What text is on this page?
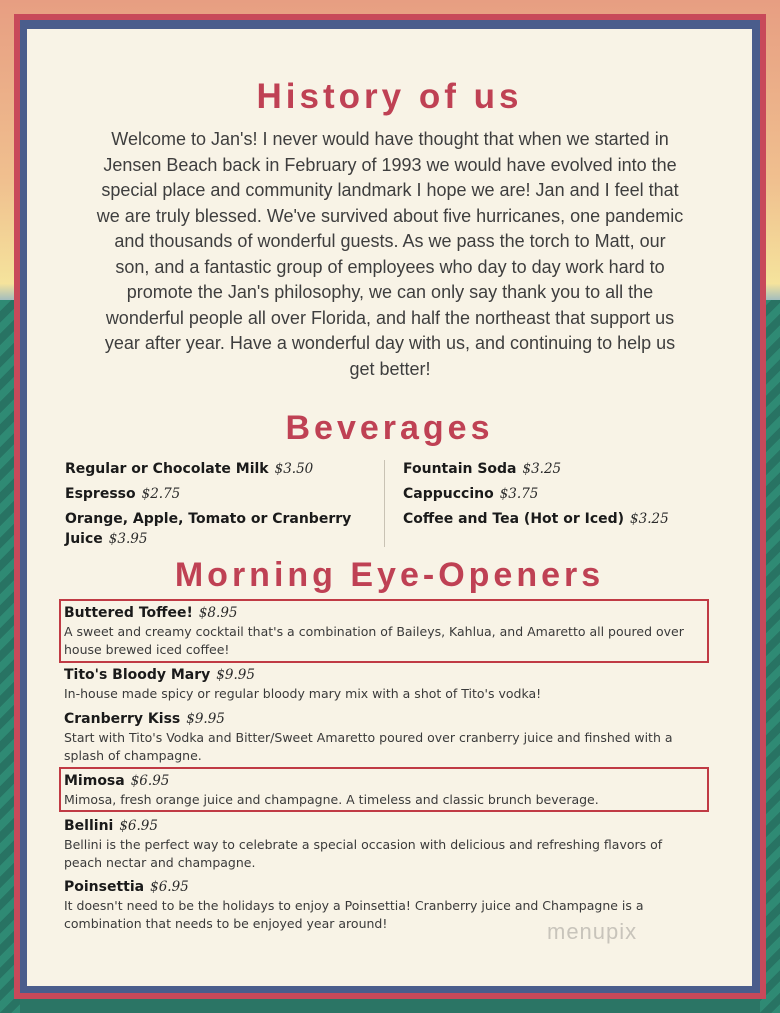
History of us

Welcome to Jan's! I never would have thought that when we started in Jensen Beach back in February of 1993 we would have evolved into the special place and community landmark I hope we are! Jan and I feel that we are truly blessed. We've survived about five hurricanes, one pandemic and thousands of wonderful guests. As we pass the torch to Matt, our son, and a fantastic group of employees who day to day work hard to promote the Jan's philosophy, we can only say thank you to all the wonderful people all over Florida, and half the northeast that support us year after year. Have a wonderful day with us, and continuing to help us get better!

Beverages
Regular or Chocolate Milk $3.50
Espresso $2.75
Orange, Apple, Tomato or Cranberry Juice $3.95
Fountain Soda $3.25
Cappuccino $3.75
Coffee and Tea (Hot or Iced) $3.25
Morning Eye-Openers
Buttered Toffee! $8.95
A sweet and creamy cocktail that's a combination of Baileys, Kahlua, and Amaretto all poured over house brewed iced coffee!
Tito's Bloody Mary $9.95
In-house made spicy or regular bloody mary mix with a shot of Tito's vodka!
Cranberry Kiss $9.95
Start with Tito's Vodka and Bitter/Sweet Amaretto poured over cranberry juice and finshed with a splash of champagne.
Mimosa $6.95
Mimosa, fresh orange juice and champagne. A timeless and classic brunch beverage.
Bellini $6.95
Bellini is the perfect way to celebrate a special occasion with delicious and refreshing flavors of peach nectar and champagne.
Poinsettia $6.95
It doesn't need to be the holidays to enjoy a Poinsettia! Cranberry juice and Champagne is a combination that needs to be enjoyed year around!	menupix
